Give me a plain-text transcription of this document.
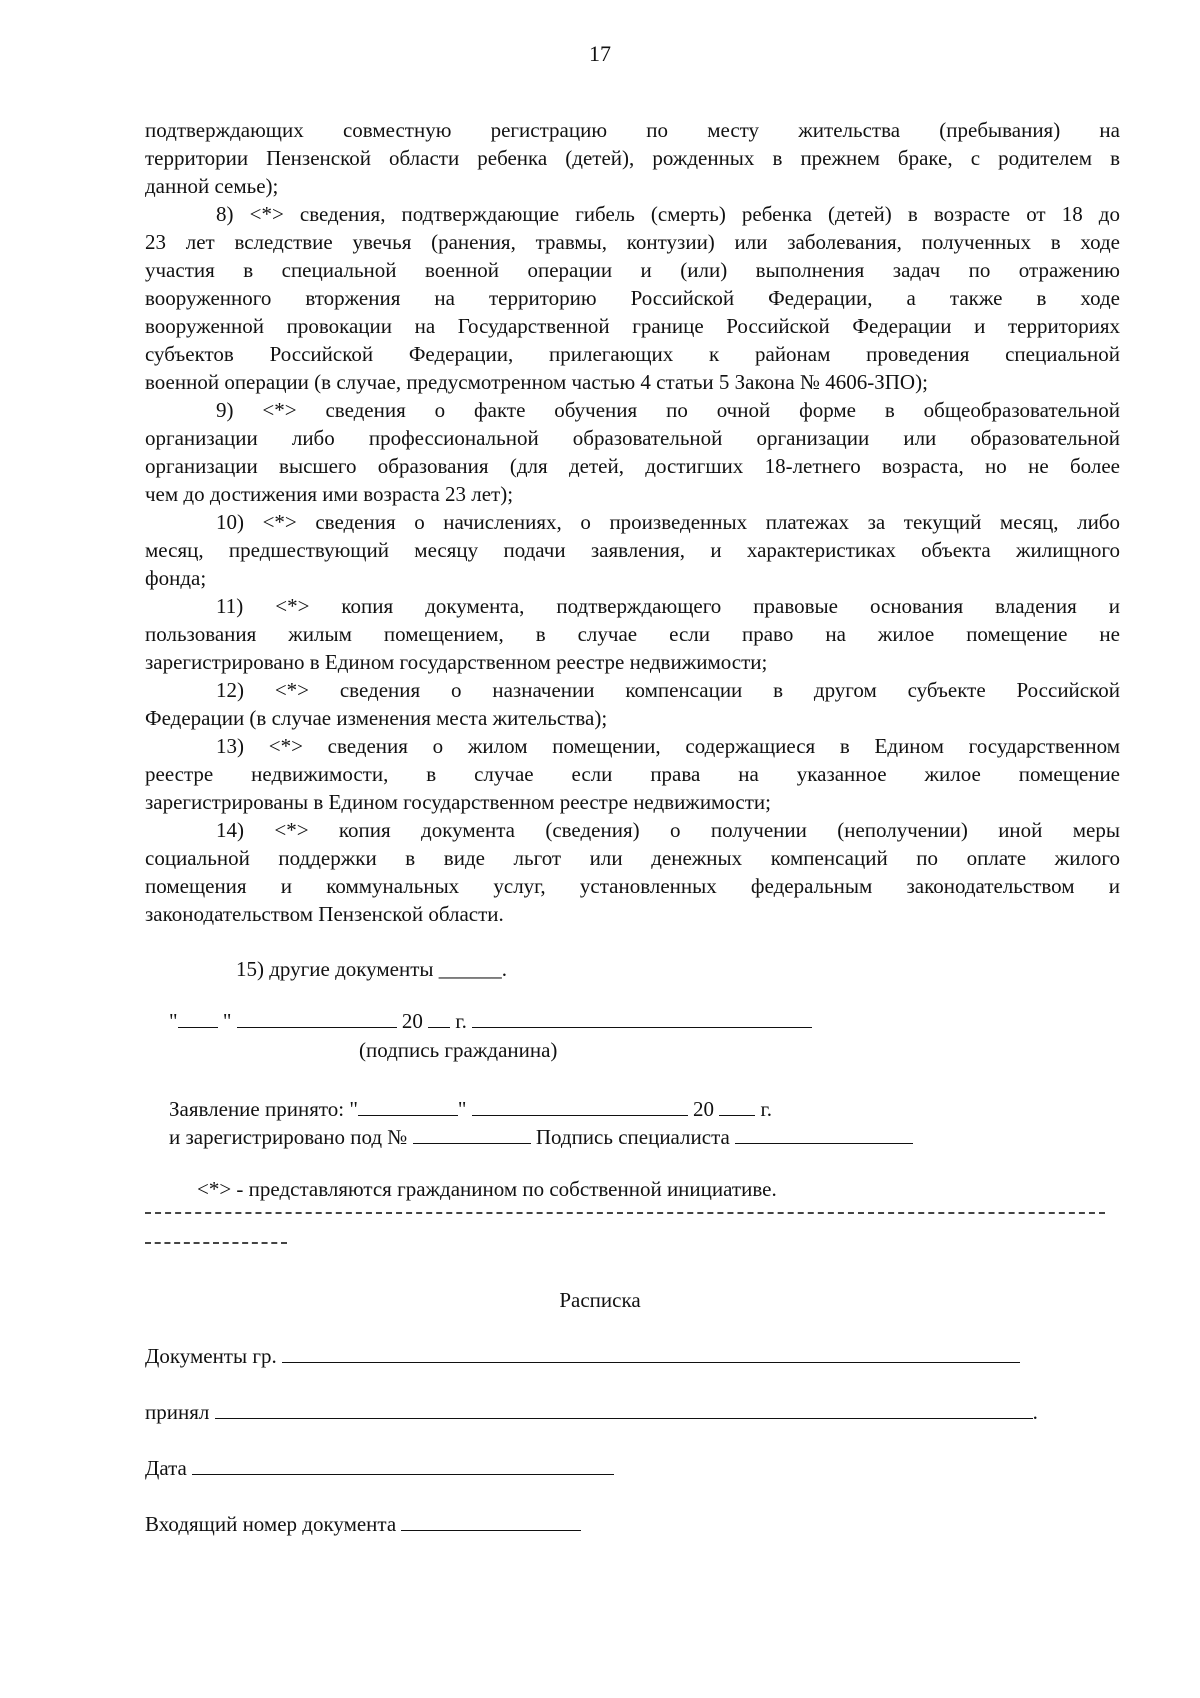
17

подтверждающих совместную регистрацию по месту жительства (пребывания) на
территории Пензенской области ребенка (детей), рожденных в прежнем браке, с родителем в
данной семье);

8) <*> сведения, подтверждающие гибель (смерть) ребенка (детей) в возрасте от 18 до
23 лет вследствие увечья (ранения, травмы, контузии) или заболевания, полученных в ходе
участия в специальной военной операции и (или) выполнения задач по отражению
вооруженного вторжения на территорию Российской Федерации, а также в ходе
вооруженной провокации на Государственной границе Российской Федерации и территориях
субъектов Российской Федерации, прилегающих к районам проведения специальной
военной операции (в случае, предусмотренном частью 4 статьи 5 Закона № 4606-ЗПО);

9) <*> сведения о факте обучения по очной форме в общеобразовательной
организации либо профессиональной образовательной организации или образовательной
организации высшего образования (для детей, достигших 18-летнего возраста, но не более
чем до достижения ими возраста 23 лет);

10) <*> сведения о начислениях, о произведенных платежах за текущий месяц, либо
месяц, предшествующий месяцу подачи заявления, и характеристиках объекта жилищного
фонда;

11) <*> копия документа, подтверждающего правовые основания владения и
пользования жилым помещением, в случае если право на жилое помещение не
зарегистрировано в Едином государственном реестре недвижимости;

12) <*> сведения о назначении компенсации в другом субъекте Российской
Федерации (в случае изменения места жительства);

13) <*> сведения о жилом помещении, содержащиеся в Едином государственном
реестре недвижимости, в случае если права на указанное жилое помещение
зарегистрированы в Едином государственном реестре недвижимости;

14) <*> копия документа (сведения) о получении (неполучении) иной меры
социальной поддержки в виде льгот или денежных компенсаций по оплате жилого
помещения и коммунальных услуг, установленных федеральным законодательством и
законодательством Пензенской области.

15) другие документы ______.
" "	20 г.
(подпись гражданина)
Заявление принято: "	"	20 г.
и зарегистрировано под №	Подпись специалиста
<*> - представляются гражданином по собственной инициативе.
Расписка
Документы гр.
принял	.
Дата
Входящий номер документа
